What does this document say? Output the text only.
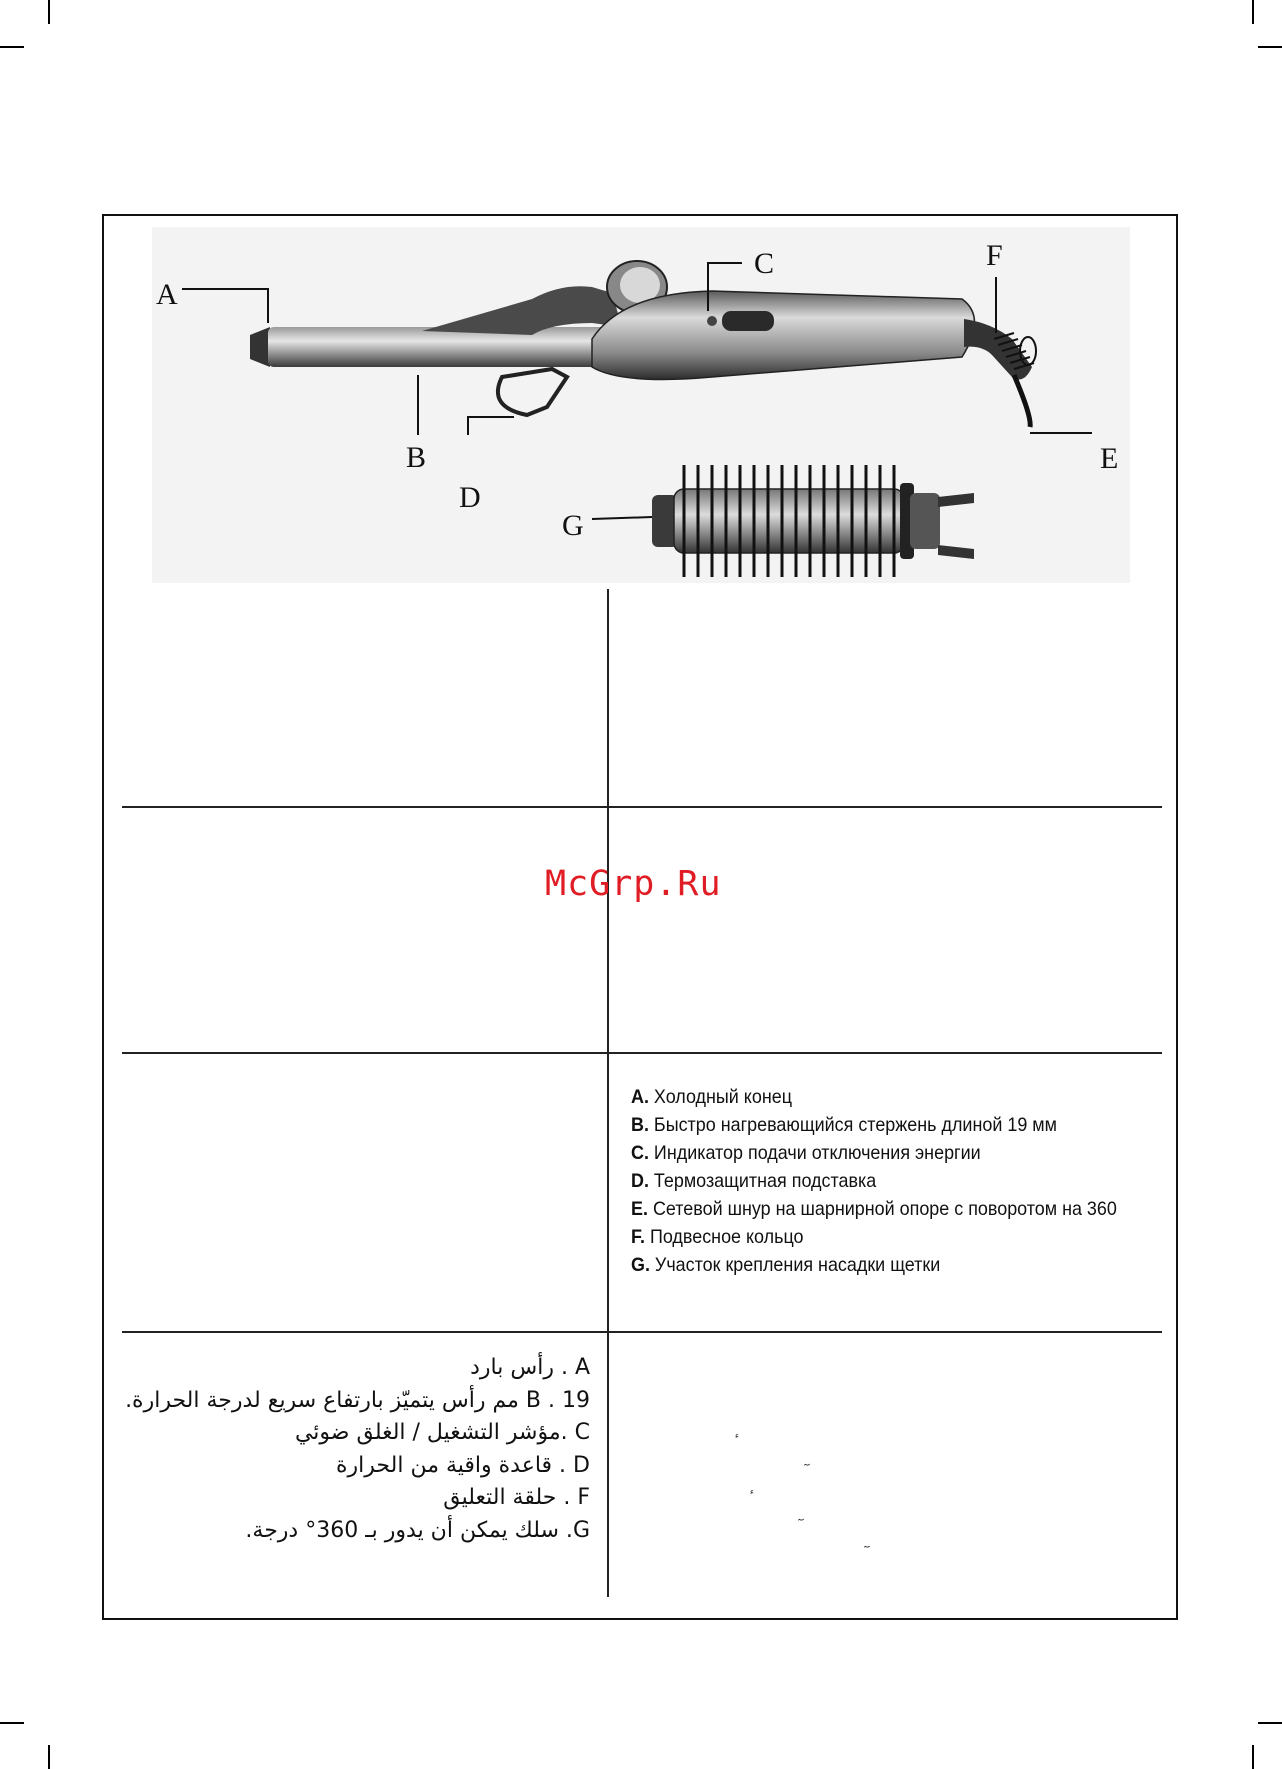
A
B
C
D
E
F
G
McGrp.Ru
A. Холодный конец
B. Быстро нагревающийся стержень длиной 19 мм
C. Индикатор подачи отключения энергии
D. Термозащитная подставка
E. Сетевой шнур на шарнирной опоре с поворотом на 360
F. Подвесное кольцо
G. Участок крепления насадки щетки
A . رأس بارد
B . 19 مم رأس يتميّز بارتفاع سريع لدرجة الحرارة.
C .مؤشر التشغيل / الغلق ضوئي
D . قاعدة واقية من الحرارة
F . حلقة التعليق
G. سلك يمكن أن يدور بـ 360° درجة.
